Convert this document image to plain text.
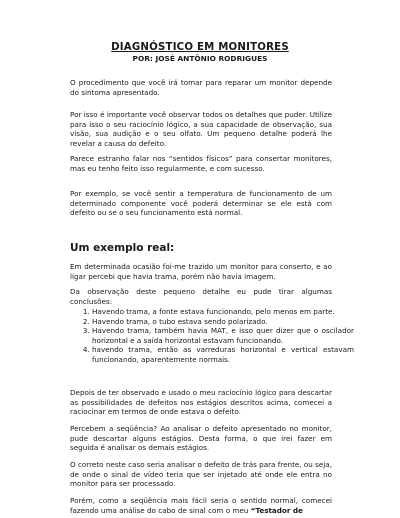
DIAGNÓSTICO EM MONITORES
POR: JOSÉ ANTÔNIO RODRIGUES

O procedimento que você irá tomar para reparar um monitor depende do sintoma apresentado.

Por isso é importante você observar todos os detalhes que puder. Utilize para isso o seu raciocínio lógico, a sua capacidade de observação, sua visão, sua audição e o seu olfato. Um pequeno detalhe poderá lhe revelar a causa do defeito.

Parece estranho falar nos “sentidos físicos” para consertar monitores, mas eu tenho feito isso regularmente, e com sucesso.

Por exemplo, se você sentir a temperatura de funcionamento de um determinado componente você poderá determinar se ele está com defeito ou se o seu funcionamento está normal.

Um exemplo real:

Em determinada ocasião foi-me trazido um monitor para conserto, e ao ligar percebi que havia trama, porém não havia imagem.

Da observação deste pequeno detalhe eu pude tirar algumas conclusões:

1. Havendo trama, a fonte estava funcionando, pelo menos em parte.
2. Havendo trama, o tubo estava sendo polarizado.
3. Havendo trama, também havia MAT, e isso quer dizer que o oscilador horizontal e a saída horizontal estavam funcionando.
4. havendo trama, então as varreduras horizontal e vertical estavam funcionando, aparentemente normais.

Depois de ter observado e usado o meu raciocínio lógico para descartar as possibilidades de defeitos nos estágios descritos acima, comecei a raciocinar em termos de onde estava o defeito.

Percebem a seqüência? Ao analisar o defeito apresentado no monitor, pude descartar alguns estágios. Desta forma, o que irei fazer em seguida é analisar os demais estágios.

O correto neste caso seria analisar o defeito de trás para frente, ou seja, de onde o sinal de vídeo teria que ser injetado até onde ele entra no monitor para ser processado.

Porém, como a seqüência mais fácil seria o sentido normal, comecei fazendo uma análise do cabo de sinal com o meu “Testador de
